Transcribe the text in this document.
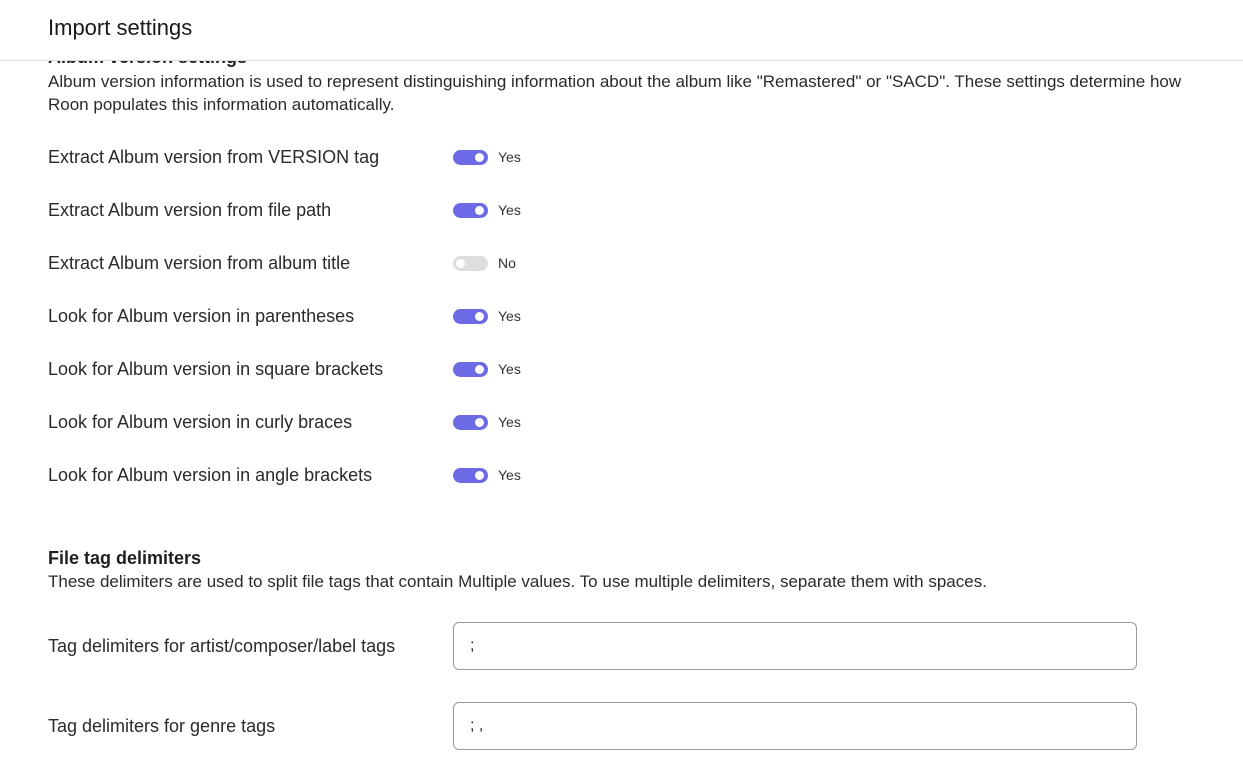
Import settings
Album version information is used to represent distinguishing information about the album like "Remastered" or "SACD". These settings determine how Roon populates this information automatically.
Extract Album version from VERSION tag	Yes
Extract Album version from file path	Yes
Extract Album version from album title	No
Look for Album version in parentheses	Yes
Look for Album version in square brackets	Yes
Look for Album version in curly braces	Yes
Look for Album version in angle brackets	Yes
File tag delimiters
These delimiters are used to split file tags that contain Multiple values. To use multiple delimiters, separate them with spaces.
Tag delimiters for artist/composer/label tags
;
Tag delimiters for genre tags
; ,
